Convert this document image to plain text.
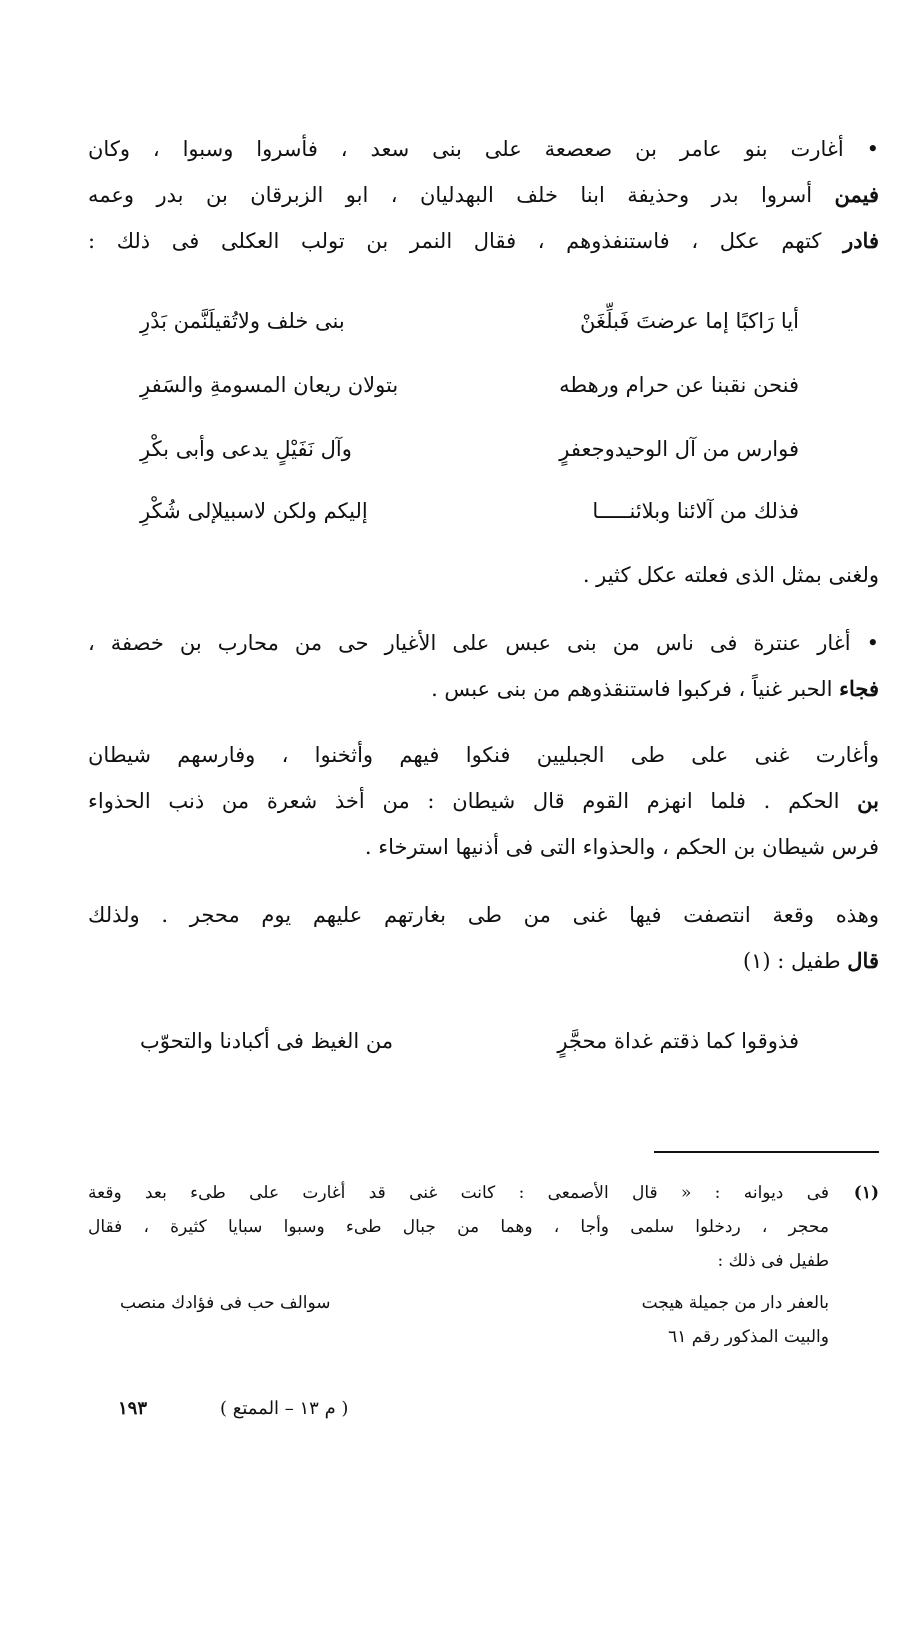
• أغارت بنو عامر بن صعصعة على بنى سعد ، فأسروا وسبوا ، وكان
فيمن أسروا بدر وحذيفة ابنا خلف البهدليان ، ابو الزبرقان بن بدر وعمه
فادر كتهم عكل ، فاستنفذوهم ، فقال النمر بن تولب العكلى فى ذلك :
أيا رَاكبًا إما عرضتَ فَبلِّغَنْ
بنى خلف ولاتُقيلَنَّمن بَدْرِ
فنحن نقبنا عن حرام ورهطه
بتولان ريعان المسومةِ والسَفرِ
فوارس من آل الوحيدوجعفرٍ
وآل نَفَيْلٍ يدعى وأبى بكْرِ
فذلك من آلائنا وبلائنـــــا
إليكم ولكن لاسبيلإلى شُكْرِ
ولغنى بمثل الذى فعلته عكل كثير .
• أغار عنترة فى ناس من بنى عبس على الأغيار حى من محارب بن خصفة ،
فجاء الحبر غنياً ، فركبوا فاستنقذوهم من بنى عبس .
وأغارت غنى على طى الجبليين فنكوا فيهم وأثخنوا ، وفارسهم شيطان
بن الحكم . فلما انهزم القوم قال شيطان : من أخذ شعرة من ذنب الحذواء
فرس شيطان بن الحكم ، والحذواء التى فى أذنيها استرخاء .
وهذه وقعة انتصفت فيها غنى من طى بغارتهم عليهم يوم محجر . ولذلك
قال طفيل : (١)
فذوقوا كما ذقتم غداة محجَّرٍ
من الغيظ فى أكبادنا والتحوّب
(١)
فى ديوانه : « قال الأصمعى : كانت غنى قد أغارت على طىء بعد وقعة
محجر ، ردخلوا سلمى وأجا ، وهما من جبال طىء وسبوا سبايا كثيرة ، فقال
طفيل فى ذلك :
بالعفر دار من جميلة هيجت
سوالف حب فى فؤادك منصب
والبيت المذكور رقم ٦١
( م ١٣ – الممتع )
١٩٣
